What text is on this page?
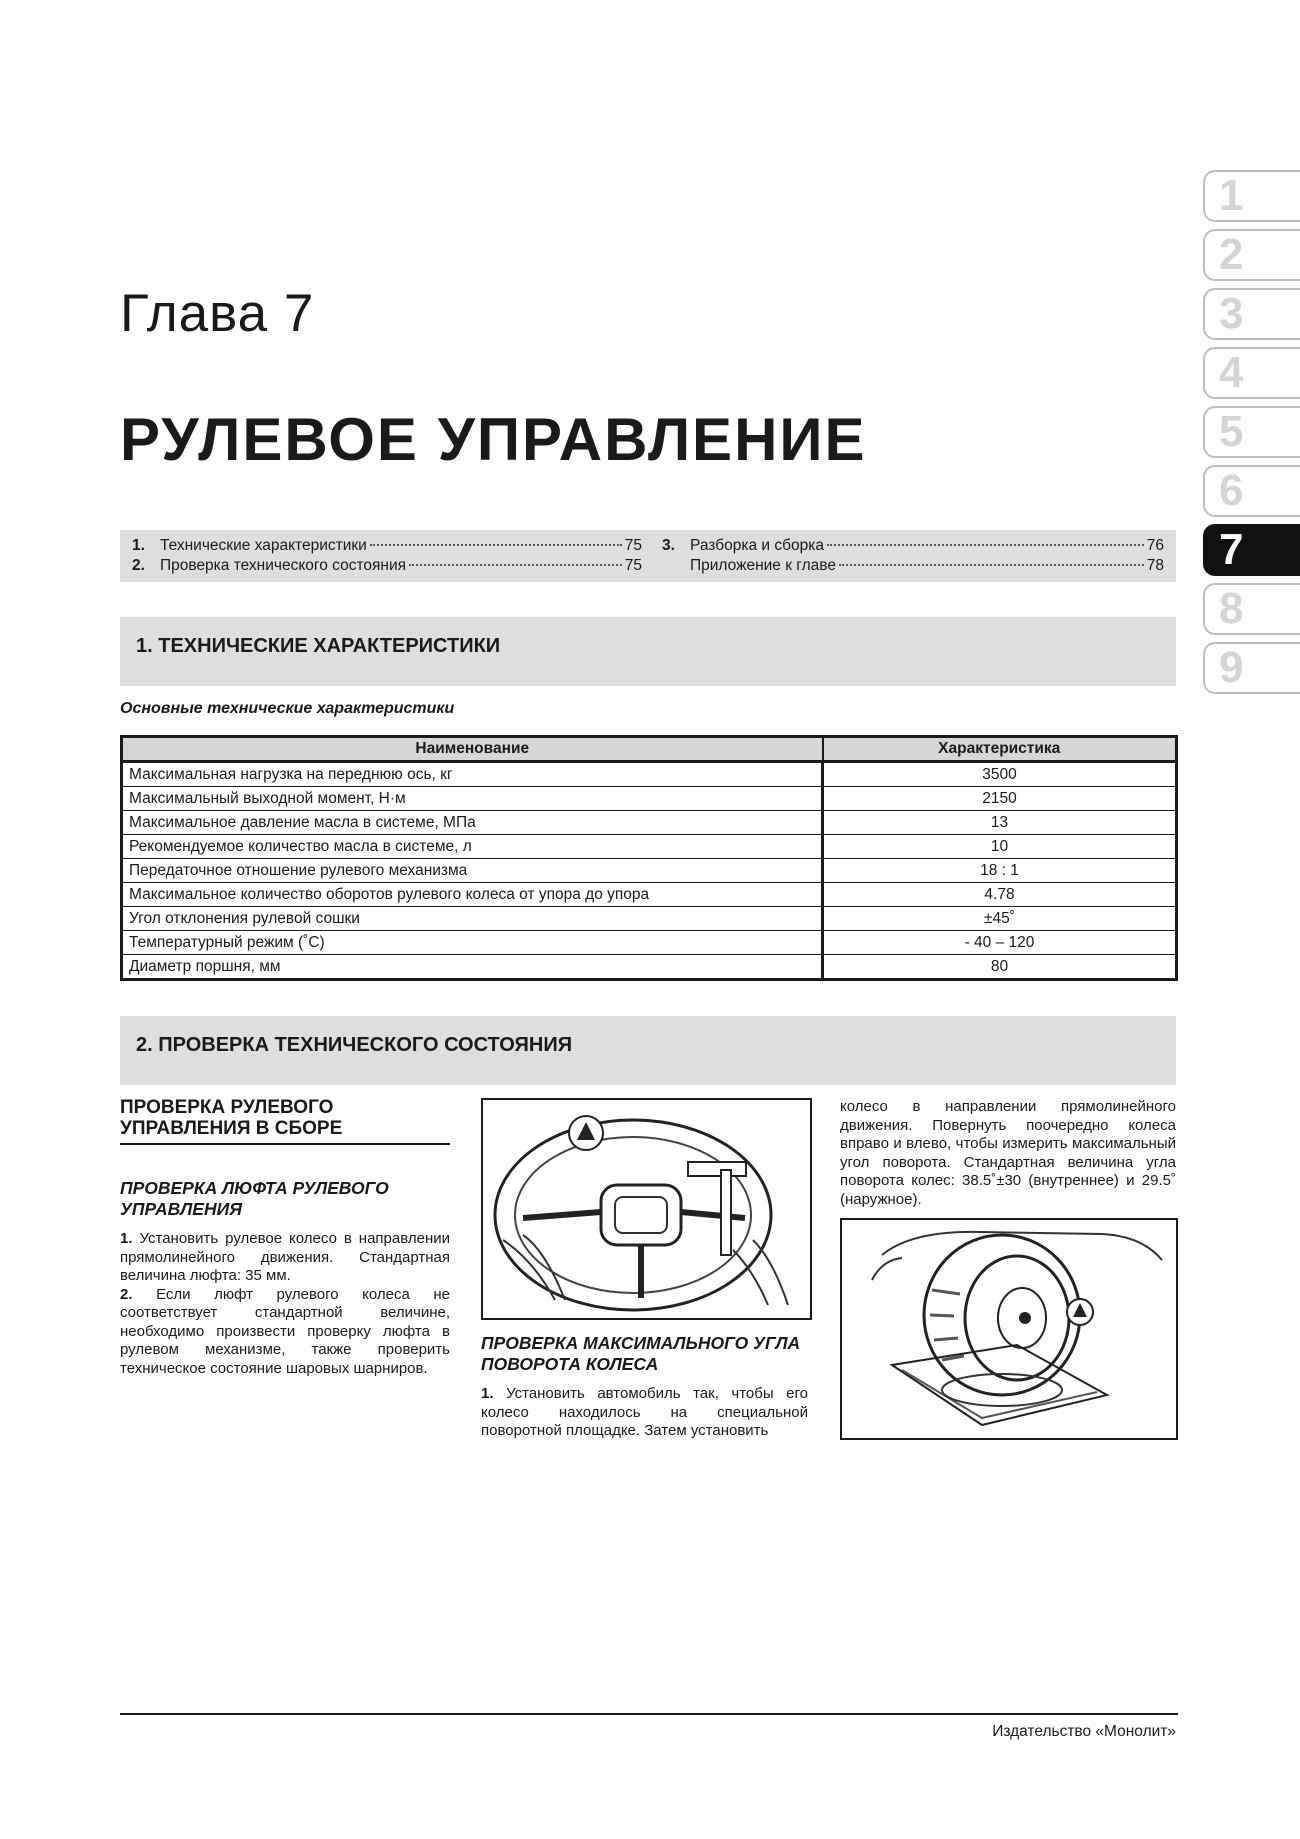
Глава 7
РУЛЕВОЕ УПРАВЛЕНИЕ
1
2
3
4
5
6
7
8
9
1. Технические характеристики	75
2. Проверка технического состояния	75
3. Разборка и сборка	76
Приложение к главе	78
1. ТЕХНИЧЕСКИЕ ХАРАКТЕРИСТИКИ
Основные технические характеристики
Наименование	Характеристика
Максимальная нагрузка на переднюю ось, кг	3500
Максимальный выходной момент, Н·м	2150
Максимальное давление масла в системе, МПа	13
Рекомендуемое количество масла в системе, л	10
Передаточное отношение рулевого механизма	18 : 1
Максимальное количество оборотов рулевого колеса от упора до упора	4.78
Угол отклонения рулевой сошки	±45˚
Температурный режим (˚C)	- 40 – 120
Диаметр поршня, мм	80
2. ПРОВЕРКА ТЕХНИЧЕСКОГО СОСТОЯНИЯ
ПРОВЕРКА РУЛЕВОГО УПРАВЛЕНИЯ В СБОРЕ
ПРОВЕРКА ЛЮФТА РУЛЕВОГО УПРАВЛЕНИЯ
1. Установить рулевое колесо в направлении прямолинейного движения. Стандартная величина люфта: 35 мм.
2. Если люфт рулевого колеса не соответствует стандартной величине, необходимо произвести проверку люфта в рулевом механизме, также проверить техническое состояние шаровых шарниров.
ПРОВЕРКА МАКСИМАЛЬНОГО УГЛА ПОВОРОТА КОЛЕСА
1. Установить автомобиль так, чтобы его колесо находилось на специальной поворотной площадке. Затем установить
колесо в направлении прямолинейного движения. Повернуть поочередно колеса вправо и влево, чтобы измерить максимальный угол поворота. Стандартная величина угла поворота колес: 38.5˚±30 (внутреннее) и 29.5˚ (наружное).
Издательство «Монолит»
